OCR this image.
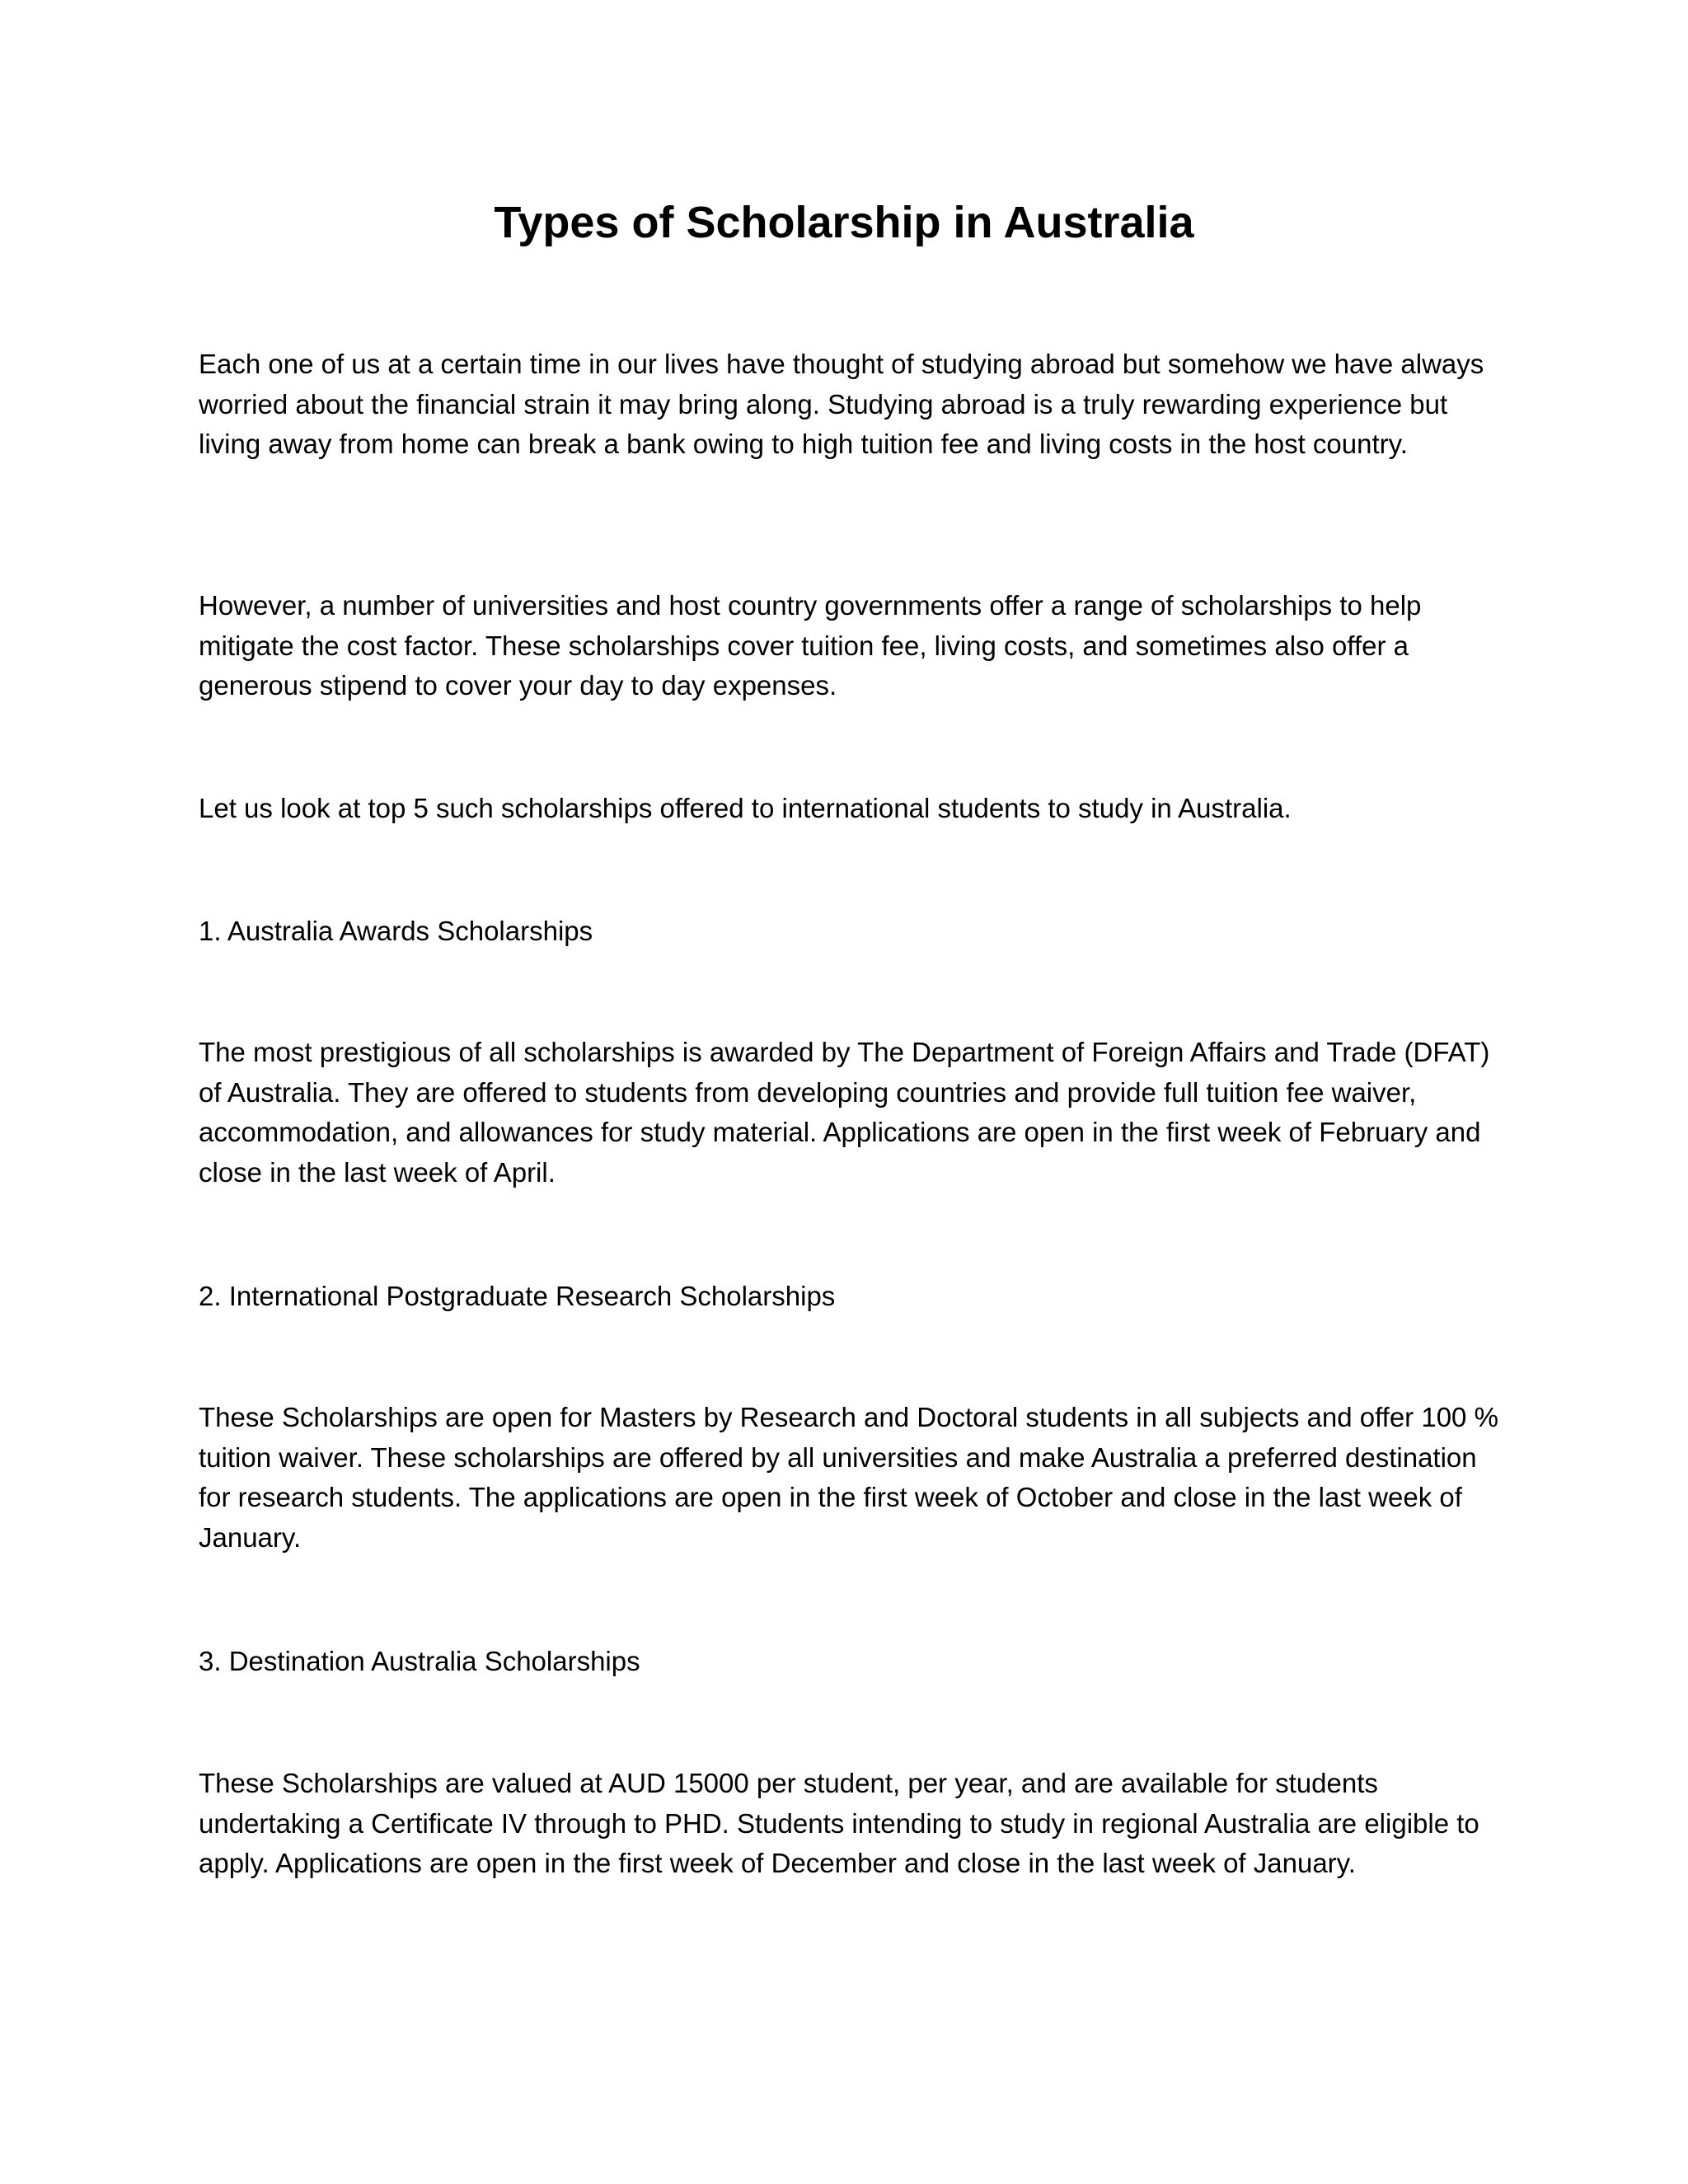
Types of Scholarship in Australia

Each one of us at a certain time in our lives have thought of studying abroad but somehow we have always worried about the financial strain it may bring along. Studying abroad is a truly rewarding experience but living away from home can break a bank owing to high tuition fee and living costs in the host country.

However, a number of universities and host country governments offer a range of scholarships to help mitigate the cost factor. These scholarships cover tuition fee, living costs, and sometimes also offer a generous stipend to cover your day to day expenses.

Let us look at top 5 such scholarships offered to international students to study in Australia.

1. Australia Awards Scholarships

The most prestigious of all scholarships is awarded by The Department of Foreign Affairs and Trade (DFAT) of Australia. They are offered to students from developing countries and provide full tuition fee waiver, accommodation, and allowances for study material. Applications are open in the first week of February and close in the last week of April.

2. International Postgraduate Research Scholarships

These Scholarships are open for Masters by Research and Doctoral students in all subjects and offer 100 % tuition waiver. These scholarships are offered by all universities and make Australia a preferred destination for research students. The applications are open in the first week of October and close in the last week of January.

3. Destination Australia Scholarships

These Scholarships are valued at AUD 15000 per student, per year, and are available for students undertaking a Certificate IV through to PHD. Students intending to study in regional Australia are eligible to apply. Applications are open in the first week of December and close in the last week of January.
